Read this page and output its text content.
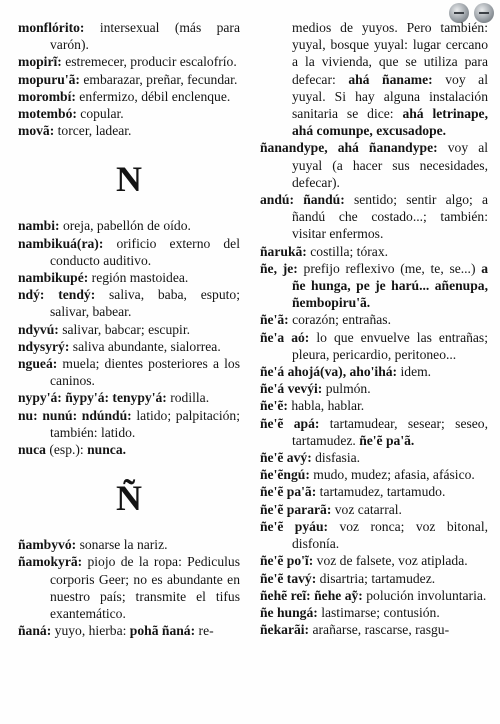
monflórito: intersexual (más para varón).

mopirĩ: estremecer, producir escalofrío.

mopuru'ã: embarazar, preñar, fecundar.

morombí: enfermizo, débil enclenque.

motembó: copular.

movã: torcer, ladear.

N

nambi: oreja, pabellón de oído.

nambikuá(ra): orificio externo del conducto auditivo.

nambikupé: región mastoidea.

ndý: tendý: saliva, baba, esputo; salivar, babear.

ndyvú: salivar, babcar; escupir.

ndysyrý: saliva abundante, sialorrea.

ngueá: muela; dientes posteriores a los caninos.

nypy'á: ñypy'á: tenypy'á: rodilla.

nu: nunú: ndúndú: latido; palpitación; también: latido.

nuca (esp.): nunca.

Ñ

ñambyvó: sonarse la nariz.

ñamokyrã: piojo de la ropa: Pediculus corporis Geer; no es abundante en nuestro país; transmite el tifus exantemático.

ñaná: yuyo, hierba: pohã ñaná: re-

medios de yuyos. Pero también: yuyal, bosque yuyal: lugar cercano a la vivienda, que se utiliza para defecar: ahá ñaname: voy al yuyal. Si hay alguna instalación sanitaria se dice: ahá letrinape, ahá comunpe, excusadope.

ñanandype, ahá ñanandype: voy al yuyal (a hacer sus necesidades, defecar).

andú: ñandú: sentido; sentir algo; a ñandú che costado...; también: visitar enfermos.

ñarukã: costilla; tórax.

ñe, je: prefijo reflexivo (me, te, se...) a ñe hunga, pe je harú... añenupa, ñembopiru'ã.

ñe'ã: corazón; entrañas.

ñe'a aó: lo que envuelve las entrañas; pleura, pericardio, peritoneo...

ñe'á ahojá(va), aho'ihá: idem.

ñe'á vevýi: pulmón.

ñe'ẽ: habla, hablar.

ñe'ẽ apá: tartamudear, sesear; seseo, tartamudez. ñe'ẽ pa'ã.

ñe'ẽ avý: disfasia.

ñe'ẽngú: mudo, mudez; afasia, afásico.

ñe'ẽ pa'ã: tartamudez, tartamudo.

ñe'ẽ pararã: voz catarral.

ñe'ẽ pyáu: voz ronca; voz bitonal, disfonía.

ñe'ẽ po'ĩ: voz de falsete, voz atiplada.

ñe'ẽ tavý: disartria; tartamudez.

ñehẽ reĩ: ñehe aỹ: polución involuntaria.

ñe hungá: lastimarse; contusión.

ñekarãi: arañarse, rascarse, rasgu-
